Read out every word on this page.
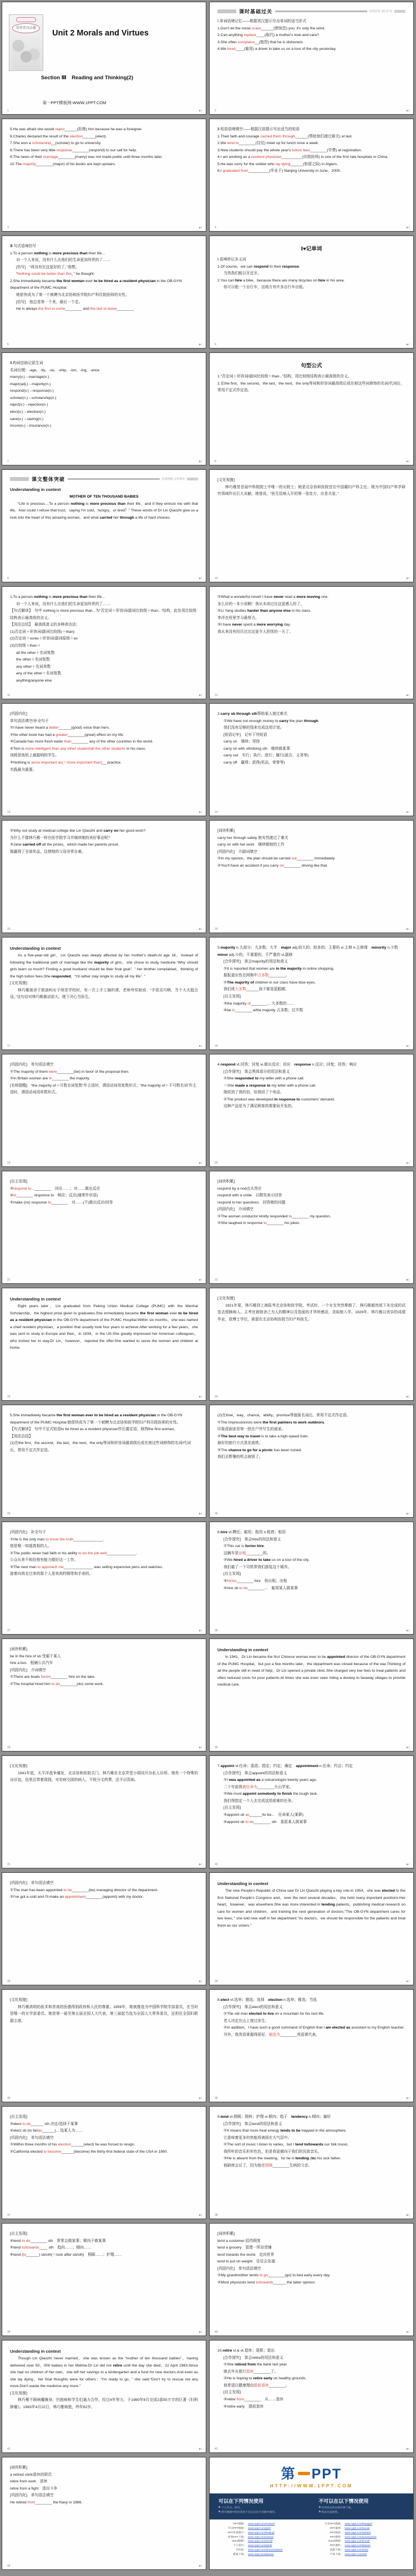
培养优良品德
Unit 2 Morals and Virtues
Section Ⅲ　Reading and Thinking(2)
第一PPT模板网-WWW.1PPT.COM
1	▶|
课时基础过关	语境应用 词汇扩充
Ⅰ.单词语境记忆——根据英汉提示写出单词的适当形式
1.Don't let the noise scare______(使惊恐) you; it's only the wind.
2.Can anything replace____(取代) a mother's love and care?
3.She often complains__(抱怨) that he is dishonest.
4.We hired____(雇用) a driver to take us on a tour of the city yesterday.
2	▶|
5.He was afraid she would reject______(拒绝) him because he was a foreigner.
6.Charles declared the result of the election______(elect).
7.She won a scholarship__(scholar) to go to university.
8.There has been very little response________(respond) to our call for help.
9.The news of their marriage________(marry) was not made public until three months later.
10.The majority________(major) of his books are kept upstairs.
3	▶|
Ⅱ.短语语境填空——根据汉语提示写出适当的短语
1.Their faith and courage carried them through______(帮助他们渡过难关) at last.
2.We tend to________(往往) meet up for lunch once a week.
3.New students should pay the whole year's tuition fees________(学费) at registration.
4.I am working as a resident physician__________(住院医师) in one of the first rate hospitals in China.
5.He was sorry for the soldier who lay dying______(弥留之际) in Algiers.
6.I graduated from__________(毕业于) Nanjing University in June，2000.
4	▶|
Ⅲ.句式语境仿写
1.To a person nothing is more precious than their life...
对一个人来说，没有什么比他们的生命更加珍贵的了……
[仿写]　“再没有比这更好的了。”他想。
“Nothing could be better than this，” he thought.
2.She immediately became the first woman ever to be hired as a resident physician in the OB-GYN department of the PUMC Hospital.
她很快成为了第一个被聘为北京协和医学院妇产科住院医师的女性。
[仿写]　他总是第一个来，最后一个走。
He is always the first to come________ and the last to leave________.
5	▶|
Ⅰ♥记单词
Ⅰ.语境串记多义词
1.Of course，we can respond to their response.
当然我们能以牙还牙。
2.You can hire a bike，because there are many bicycles on hire in his area.
你可以租一个自行车，这地方有许多自行车出租。
6	▶|
Ⅱ.构词法助记派生词
名词后缀：-age，-ity，-se，-ship，-ion，-ing，-ance
marry(v.)→marriage(n.)
major(adj.)→majority(n.)
respond(v.)→response(n.)
scholar(n.)→scholarship(n.)
reject(v.)→rejection(n.)
elect(v.)→election(n.)
save(v.)→saving(n.)
insure(v.)→insurance(n.)
7	▶|
句型公式
1.“否定词＋形容词/副词比较级＋than...”结构，用比较级结构表示最高级的含义。
2.在the first，the second，the last，the next，the only等词和形容词最高级后或在被这些词修饰的名词/代词后，常用不定式作定语。
8	▶|
课文整体突破	语境理解 合作探究
Understanding in context
MOTHER OF TEN THOUSAND BABIES
“Life is precious....To a person nothing is more precious than their life，and if they entrust me with that life，how could I refuse that trust，saying I'm cold，hungry，or tired？” These words of Dr Lin Qiaozhi give us a look into the heart of this amazing woman，and what carried her through a life of hard choices.
9	▶|
[文化视窗]
林巧稚是首届中科院院士中唯一的女院士；她是北京协和医院首位中国籍妇产科主任；她为中国妇产科学研究领域作出巨大贡献。她曾说，“医生给病人开的第一张处方，应是关爱。”
10	▶|
1.To a person nothing is more precious than their life...
对一个人来说，没有什么比他们的生命更加珍贵的了……
【句式解读】　句中 nothing is more precious than...为“否定词＋形容词/副词比较级＋than...”结构，此处用比较级结构表示最高级的含义。
【用法总结】　最高级意义的多种表达法：
(1)否定词＋形容词/副词比较级(＋than)
(2)否定词＋so/as＋形容词/副词原级＋as
(3)比较级＋than＋
all the other＋名词复数
the other＋名词复数
any other＋名词单数
any of the other＋名词复数
anything/anyone else
11	▶|
①What a wonderful novel! I have never read a more moving one.
多么好的一本小说啊！我从未读过比这更感人的了。
②Li Yang studies harder than anyone else in his class.
李洋在班里学习最努力。
③I have never spent a more worrying day.
我从来没有经历过比这更令人担忧的一天了。
12	▶|
[巩固内化]
单句语法填空/补全句子
①I have never heard a better______(good) voice than hers.
②No other book has had a greater________(great) effect on my life.
③Canada has more fresh water than________ any of the other countries in the world.
④Tom is more intelligent than any other student/all the other students in his class.
汤姆是他班上最聪明的学生。
⑤Nothing is as/so important as(＝more important than)__ practice.
实践最为重要。
13	▶|
2.carry sb through sth帮助某人渡过难关
①We have not enough money to carry the plan through.
我们没有足够的钱来完成这项计划。
[短语记牢]　记牢下列短语
carry on　继续；坚持
carry on with sth/doing sth　继续做某事
carry out　实行；执行；进行；履行(诺言、义务等)
carry off　赢得；获得(奖品、荣誉等)
14	▶|
②Why not study at medical college like Lin Qiaozhi and carry on her good work?
为什么不像林巧稚一样在医学院学习并继续她的美好事业呢？
③Jane carried off all the prizes，which made her parents proud.
简赢得了全部奖品，这使她的父母非常自豪。
15	▶|
[词块积累]
carry her through safely 她安然渡过了难关
carry on with her work　继续做她的工作
[巩固内化]　介副词填空
①In my opinion，the plan should be carried out________ immediately.
②You'll have an accident if you carry on________ driving like that.
16	▶|
Understanding in context
As a five-year-old girl，Lin Qiaozhi was deeply affected by her mother's death.At age 18，instead of following the traditional path of marriage like the majority of girls，she chose to study medicine.“Why should girls learn so much? Finding a good husband should be their final goal！” her brother complained，thinking of the high tuition fees.She responded，“I'd rather stay single to study all my life！”
[文化视窗]
林巧稚就读于鼓浪屿女子师范学校时，有一次上手工编织课，老师夸奖她说：“手很灵巧啊，当个大夫挺合适。”这句话对林巧稚震动很大，她下决心当医生。
17	▶|
3.majority n.大部分；大多数；大半　major adj.较大的；较多的；主要的 vi.主修 n.主修课　minority n.少数　minor adj.小的，不重要的，不严重的 vi.副修
[合作探究]　体会majority的用法和意义
①It is reported that women are in the majority in online shopping.
据报道女性在网购中占多数________。
②The majority of children in our class have blue eyes.
我们班大多数______孩子都是蓝眼睛。
[自主发现]
③the majority of________... 大多数的……
④be in________ a/the majority 占多数；过半数
18	▶|
[巩固内化]　单句语法填空
①The majority of them were________(be) in favor of the proposal then.
②In Britain women are in________ the majority.
[名师提醒]　“the majority of＋可数名词复数”作主语时，谓语动词用复数形式；“the majority of＋不可数名词”作主语时，谓语动词用单数形式。
19	▶|
4.respond vt.回答；回复 vi.做出反应；回应　response n.反应；回复；回答；响应
[合作探究]　体会黑体部分的用法和意义
①She responded to my letter with a phone call.
＝She made a response to my letter with a phone call.
她收到了我的信，给我回了个电话。
②The product was developed in response to customers' demand.
这种产品是为了满足顾客的需要而开发的。
20	▶|
[自主发现]
③respond to...________　回应……；对……做出反应
④in________ response to　响应；反应(通常作状语)
⑤make (no) response to________　对……(不)做出反应/回答
21	▶|
[词块积累]
respond by a nod点头答应
respond with a smile　以微笑表示回答
respond to her questions　回答她的问题
[巩固内化]　介词填空
①The woman conductor kindly responded to________ my question.
②She laughed in response to________ his jokes.
22	▶|
Understanding in context
Eight years later，Lin graduated from Peking Union Medical College (PUMC) with the Wenhai Scholarship，the highest prize given to graduates.She immediately became the first woman ever to be hired as a resident physician in the OB-GYN department of the PUMC Hospital.Within six months，she was named a chief resident physician，a position that usually took four years to achieve.After working for a few years，she was sent to study in Europe and then，in 1939，in the US.She greatly impressed her American colleagues，who invited her to stay.Dr Lin，however，rejected the offer.She wanted to serve the women and children at home.
23	▶|
[文化视窗]
1921年夏，林巧稚到上海报考北京协和医学院。考试时，一个女友突然晕倒了，林巧稚毅然放下未完成的试卷去照顾病人。主考官被她舍己为人的精神以及卷面的才华所感动，录取她入学。1929年，林巧稚以优异的成绩毕业，获博士学位，被留在北京协和医院当妇产科医生。
24	▶|
5.She immediately became the first woman ever to be hired as a resident physician in the OB-GYN department of the PUMC Hospital.她很快成为了第一个被聘为北京协和医学院妇产科住院医师的女性。
【句式解读】　句中不定式短语to be hired as a resident physician作后置定语，修饰the first woman。
【用法总结】
(1)在the first，the second，the last，the next，the only等词和形容词最高级后或在被这些词修饰的名词/代词后，常用不定式作定语。
25	▶|
(2)在time，way，chance，ability，promise等抽象名词后，常用不定式作定语。
①The Impressionists were the first painters to work outdoors.
印象派画家是第一批在户外写生的画家。
②The best way to travel is to take a high-speed train.
最好的旅行方式是坐高铁。
③The chance to go for a picnic has been ruined.
我们去野餐的机会被毁了。
26	▶|
[巩固内化]　补全句子
①He is the only man to know the truth______________.
他是唯一知道真相的人。
②The public never had faith in his ability to do the job well______________.
公众从来不相信他有能力做好这一工作。
③The next man to approach me______________ was selling expensive pens and watches.
接着向我走过来的那个人是卖高档钢笔和手表的。
27	▶|
6.hire vt.聘任；雇用；租用 n.租借；租用
[合作探究]　体会hire的用法和意义
①This car is for/on hire.
这辆车是出租________的。
②We hired a driver to take us on a tour of the city.
我们雇了一个司机带我们游览这个城市。
[自主发现]
③for/on________ hire　供出租；出租
④hire sb to do________...　雇用某人做某事
28	▶|
[词块积累]
be in the hire of sb 受雇于某人
hire a bus　租辆公共汽车
[巩固内化]　介词填空
①There are boats for/on________ hire on the lake.
②The hospital hired him to do________(do) some work.
29	▶|
Understanding in context
In 1941，Dr Lin became the first Chinese woman ever to be appointed director of the OB-GYN department of the PUMC Hospital，but just a few months later，the department was closed because of the war.Thinking of all the people still in need of help，Dr Lin opened a private clinic.She charged very low fees to treat patients and often reduced costs for poor patients.At times she was even seen riding a donkey to faraway villages to provide medical care.
30	▶|
[文化视窗]
1941年底，太平洋战争爆发，北京协和医院关门。林巧稚在北京弄堂小胡同开办私人诊所。她有一个特殊的出诊包，包里总带着现钱，对贫病交困的病人，不收分文药费，还予以资助。
31	▶|
7.appoint vt.任命；委派；指定；约定；确定　appointment n.任命；约会；约定
[合作探究]　体会appoint的用法和意义
①I was appointed as a volcanologist twenty years ago.
二十年前我被任命为________火山学家。
②We must appoint somebody to finish the tough task.
我们得指定一个人去完成这项艰难的任务。
[自主发现]
③appoint sb as______/to be...　任命某人(某职)
④appoint sb to do________ sth　委派某人做某事
32	▶|
[巩固内化]　单句语法填空
①The man has been appointed to be________(be) managing director of the department.
②I've got a cold and I'll make an appointment________(appoint) with my doctor.
33	▶|
Understanding in context
The new People's Republic of China saw Dr Lin Qiaozhi playing a key role.In 1954，she was elected to the first National People's Congress and，over the next several decades，she held many important positions.Her heart，however，was elsewhere.She was more interested in tending patients，publishing medical research on care for women and children，and training the next generation of doctors.“The OB-GYN department cares for two lives，” she told new staff in her department.“As doctors，we should be responsible for the patients and treat them as our sisters.”
34	▶|
[文化视窗]
林巧稚高明的医术和崇高的医德得到政府和人民的尊重。1959年，她被推选为中国科学院学部委员，在当时是唯一的女学部委员。她是第一届至第五届全国人大代表，第三届起当选为全国人大常务委员，还担任全国妇联副主席。
35	▶|
8.elect vt.选举；推选；选择　election n.选举；推选；当选
[合作探究]　体会elect的用法和意义
①The old man elected to live on a mountain for his rest life.
老人决定在山上度过余生。
②In addition，I have such a good command of English that I am elected as assistant to my English teacher.
另外，我英语掌握得很好，被选为________英语课代表。
36	▶|
[自主发现]
③elect to do______ sth 决定/选择干某事
④elect sb (to be/as______)... 选某人为……
[巩固内化]　单句语法填空
①Within three months of his election______(elect) he was forced to resign.
②California elected to become______(become) the thirty-first federal state of the USA in 1850.
37	▶|
9.tend vt.照顾；照料；护理 vi.倾向；趋于　tendency n.倾向；偏好
[合作探究]　体会tend的用法和意义
①It means that more heat energy tends to be trapped in the atmosphere.
它意味着更多的热能将被困在大气层中。
②The sort of music I listen to varies，but I tend to/towards our folk music.
我所听的音乐形形色色，但是我更倾向于我们的民族音乐。
③He is absent from the meeting，for he is tending (to) his sick father.
他缺席会议了，因为他在照顾________生病的父亲。
38	▶|
[自主发现]
④tend to do________ sth　常常会做某事；倾向于做某事
⑤tend to/towards____ sth　趋向……；倾向……
⑥tend (to______) sb/sth(＝look after sb/sth)　照顾……；护理……
39	▶|
[词块积累]
tend a customer 招待顾客
tend a grocery　管理一所杂货铺
tend towards the world　走向世界
tend to put on weight　往往会发福
[巩固内化]　单句语法填空
①My grandmother tends to go________(go) to bed early every day.
②Most physicists tend to/towards______ the latter opinion.
40	▶|
Understanding in context
Though Lin Qiaozhi never married，she was known as the “mother of ten thousand babies”，having delivered over 50，000 babies in her lifetime.Dr Lin did not retire until the day she died，22 April 1983.Since she had no children of her own，she left her savings to a kindergarten and a fund for new doctors.And even as she lay dying，her final thoughts were for others：“I'm ready to go，” she said.“Don't try to rescue me any more.Don't waste the medicine any more.”
[文化视窗]
林巧稚不顾病魔缠身，仍抱病和学生们通力合作，经过4年努力，于1980年8月完成1部50万字的巨著《妇科肿瘤》。1983年4月22日，林巧稚病逝，终年82岁。
41	▶|
10.retire vi.& vt.退休；退职；退出
[合作探究]　体会retire的用法和意义
①She retired from the bank last year.
她去年从银行退休________了。
②He is hoping to retire early on healthy grounds.
他希望以健康理由提前退休________。
[自主发现]
③retire from________　从……退休
④retire early　提前退休
42	▶|
[词块积累]
a retired clerk退休的职员
retire from work　退休
retire from a fight　退出斗争
[巩固内化]　单句语法填空
He retired from________ the Navy in 1986.
43	▶|
第 PPT
HTTP://WWW.1PPT.COM
可以在下列情况使用
个人学习、研究。
拷贝模板中的内容用于其它幻灯片母版中使用。
不可以在以下情况使用
任何形式的在线付费下载。
刻录光盘销售。
PPT模板： www.1ppt.com/moban/
节日PPT模板： www.1ppt.com/jieri/
PPT背景图片： www.1ppt.com/beijing/
优秀PPT下载： www.1ppt.com/xiazai/
Word模板： www.1ppt.com/word/
个人简历： www.1ppt.com/jianli/
手抄报： www.1ppt.com/shouchaobao/
教案下载： www.1ppt.com/jiaoan/
行业PPT模板： www.1ppt.com/hangye/
PPT素材： www.1ppt.com/sucai/
PPT图表： www.1ppt.com/tubiao/
PPT教程： www.1ppt.com/powerpoint/
Excel模板： www.1ppt.com/excel/
PPT课件： www.1ppt.com/kejian/
试题下载： www.1ppt.com/shiti/
字体下载： www.1ppt.com/ziti/
